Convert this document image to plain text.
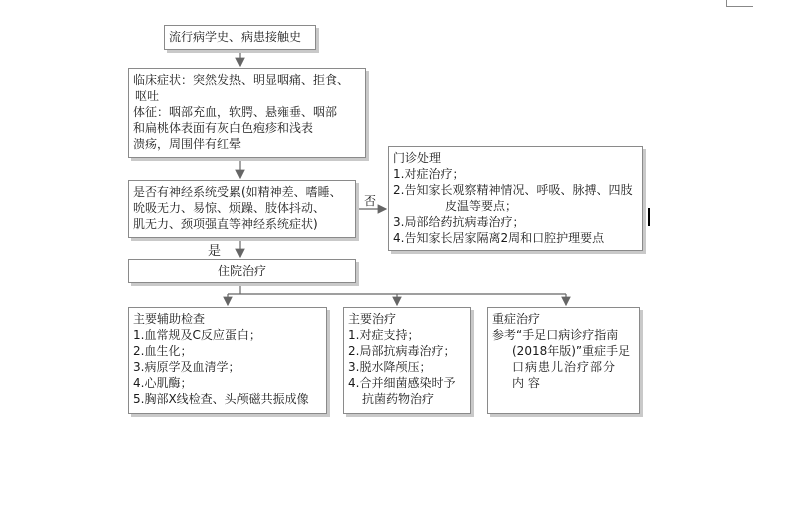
流行病学史、病患接触史
临床症状：突然发热、明显咽痛、拒食、
呕吐
体征：咽部充血，软腭、悬雍垂、咽部
和扁桃体表面有灰白色疱疹和浅表
溃疡，周围伴有红晕
是否有神经系统受累(如精神差、嗜睡、
吮吸无力、易惊、烦躁、肢体抖动、
肌无力、颈项强直等神经系统症状)
否
是
门诊处理
1.对症治疗；
2.告知家长观察精神情况、呼吸、脉搏、四肢
皮温等要点；
3.局部给药抗病毒治疗；
4.告知家长居家隔离2周和口腔护理要点
住院治疗
主要辅助检查
1.血常规及C反应蛋白；
2.血生化；
3.病原学及血清学；
4.心肌酶；
5.胸部X线检查、头颅磁共振成像
主要治疗
1.对症支持；
2.局部抗病毒治疗；
3.脱水降颅压；
4.合并细菌感染时予
抗菌药物治疗
重症治疗
参考“手足口病诊疗指南
(2018年版)”重症手足
口病患儿治疗部分
内 容
